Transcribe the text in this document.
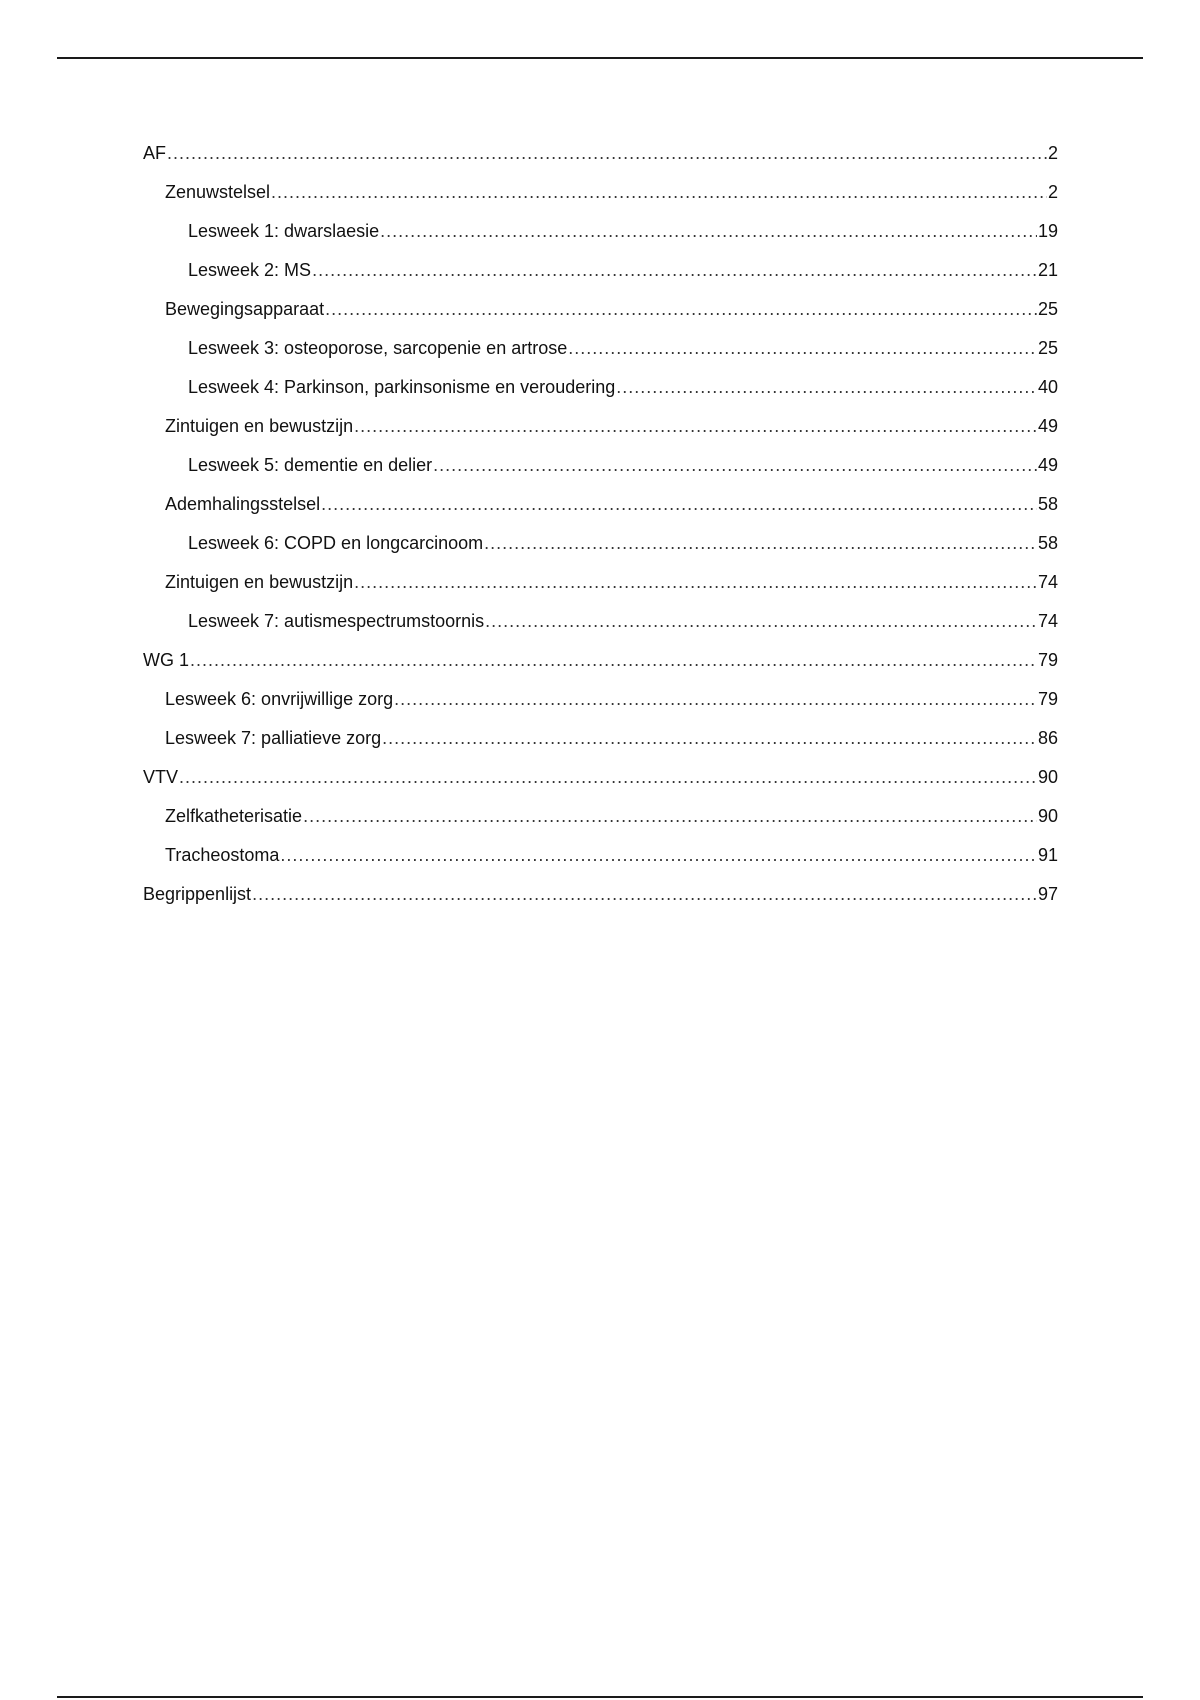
AF .....	2
Zenuwstelsel .....	2
Lesweek 1: dwarslaesie .....	19
Lesweek 2: MS .....	21
Bewegingsapparaat .....	25
Lesweek 3: osteoporose, sarcopenie en artrose .....	25
Lesweek 4: Parkinson, parkinsonisme en veroudering .....	40
Zintuigen en bewustzijn .....	49
Lesweek 5: dementie en delier .....	49
Ademhalingsstelsel .....	58
Lesweek 6: COPD en longcarcinoom .....	58
Zintuigen en bewustzijn .....	74
Lesweek 7: autismespectrumstoornis .....	74
WG 1 .....	79
Lesweek 6: onvrijwillige zorg .....	79
Lesweek 7: palliatieve zorg .....	86
VTV .....	90
Zelfkatheterisatie .....	90
Tracheostoma .....	91
Begrippenlijst .....	97
